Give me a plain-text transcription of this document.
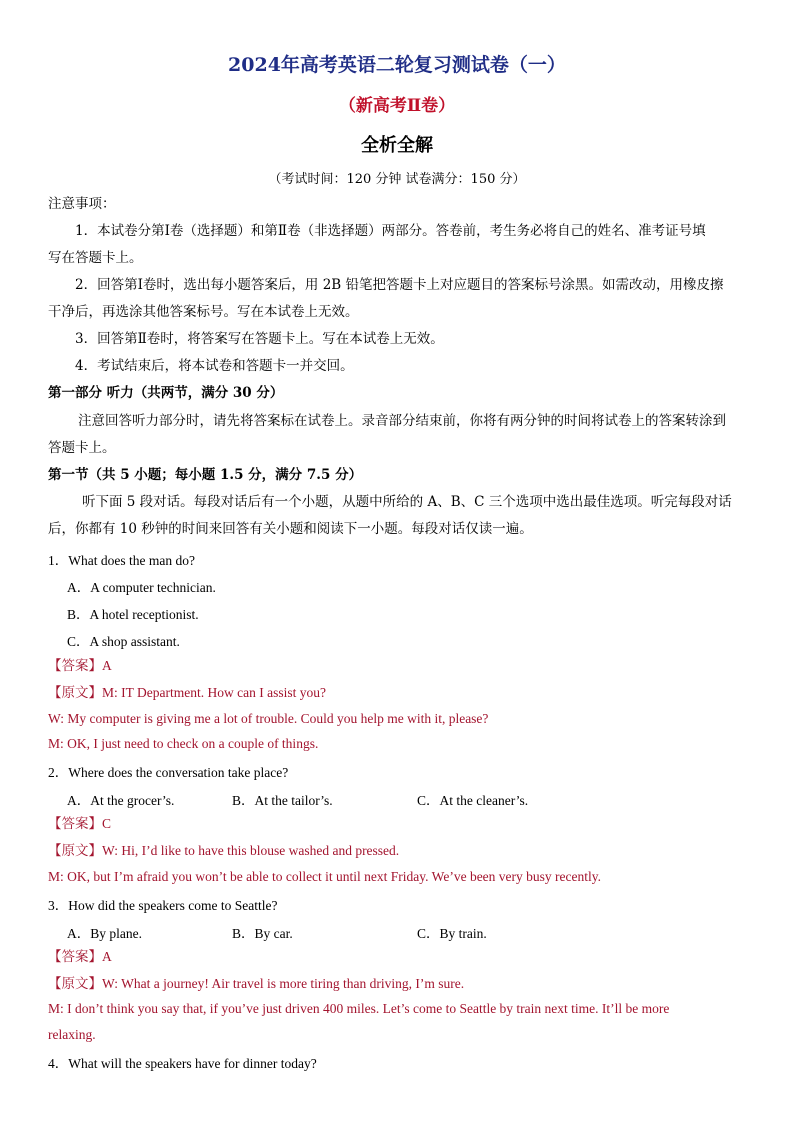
2024年高考英语二轮复习测试卷（一）
（新高考Ⅱ卷）
全析全解
（考试时间：120 分钟 试卷满分：150 分）
注意事项：
1．本试卷分第Ⅰ卷（选择题）和第Ⅱ卷（非选择题）两部分。答卷前，考生务必将自己的姓名、准考证号填
写在答题卡上。
2．回答第Ⅰ卷时，选出每小题答案后，用 2B 铅笔把答题卡上对应题目的答案标号涂黑。如需改动，用橡皮擦
干净后，再选涂其他答案标号。写在本试卷上无效。
3．回答第Ⅱ卷时，将答案写在答题卡上。写在本试卷上无效。
4．考试结束后，将本试卷和答题卡一并交回。
第一部分 听力（共两节，满分 30 分）
注意回答听力部分时，请先将答案标在试卷上。录音部分结束前，你将有两分钟的时间将试卷上的答案转涂到
答题卡上。
第一节（共 5 小题；每小题 1.5 分，满分 7.5 分）
听下面 5 段对话。每段对话后有一个小题，从题中所给的 A、B、C 三个选项中选出最佳选项。听完每段对话
后，你都有 10 秒钟的时间来回答有关小题和阅读下一小题。每段对话仅读一遍。
1．What does the man do?
A．A computer technician.
B．A hotel receptionist.
C．A shop assistant.
【答案】A
【原文】M: IT Department. How can I assist you?
W: My computer is giving me a lot of trouble. Could you help me with it, please?
M: OK, I just need to check on a couple of things.
2．Where does the conversation take place?
A．At the grocer’s.	B．At the tailor’s.	C．At the cleaner’s.
【答案】C
【原文】W: Hi, I’d like to have this blouse washed and pressed.
M: OK, but I’m afraid you won’t be able to collect it until next Friday. We’ve been very busy recently.
3．How did the speakers come to Seattle?
A．By plane.	B．By car.	C．By train.
【答案】A
【原文】W: What a journey! Air travel is more tiring than driving, I’m sure.
M: I don’t think you say that, if you’ve just driven 400 miles. Let’s come to Seattle by train next time. It’ll be more
relaxing.
4．What will the speakers have for dinner today?
